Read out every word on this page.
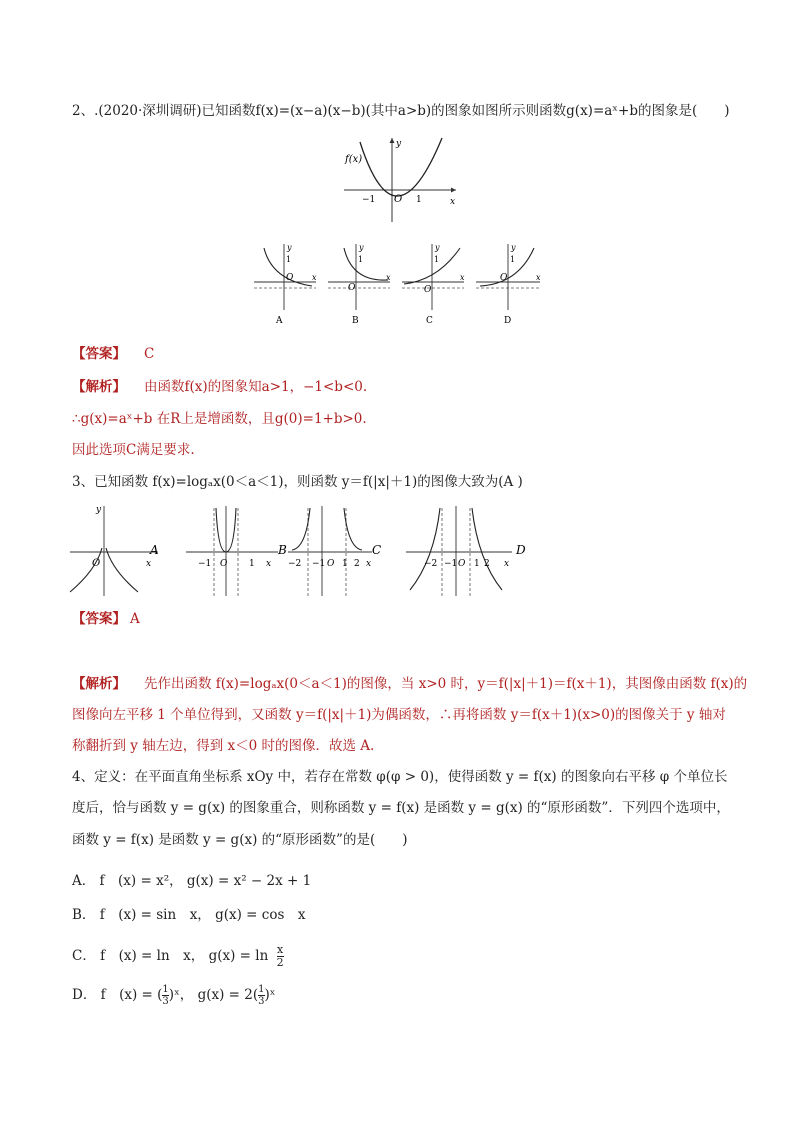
2、.(2020·深圳调研)已知函数f(x)=(x−a)(x−b)(其中a>b)的图象如图所示则函数g(x)=aˣ+b的图象是(　　)
f(x)
y
x
O
−1	1
O
1
y
x
A
O
1
y
x
B
O
1
y
x
C
O
1
y
x
D
【答案】 C
【解析】 由函数f(x)的图象知a>1，−1<b<0.
∴g(x)=aˣ+b 在R上是增函数，且g(0)=1+b>0.
因此选项C满足要求.
3、已知函数 f(x)=logₐx(0＜a＜1)，则函数 y＝f(|x|＋1)的图像大致为(A )
O
y
x
A
−1 O 1 x
B
−2 −1 O 1 2 x
C
−2 −1 O 1 2 x
D
【答案】 A
【解析】 先作出函数 f(x)=logₐx(0＜a＜1)的图像，当 x>0 时，y＝f(|x|＋1)＝f(x＋1)，其图像由函数 f(x)的
图像向左平移 1 个单位得到，又函数 y＝f(|x|＋1)为偶函数，∴再将函数 y＝f(x＋1)(x>0)的图像关于 y 轴对
称翻折到 y 轴左边，得到 x＜0 时的图像．故选 A.
4、定义：在平面直角坐标系 xOy 中，若存在常数 φ(φ > 0)，使得函数 y = f(x) 的图象向右平移 φ 个单位长
度后，恰与函数 y = g(x) 的图象重合，则称函数 y = f(x) 是函数 y = g(x) 的“原形函数”．下列四个选项中，
函数 y = f(x) 是函数 y = g(x) 的“原形函数”的是(　　)
A． f　(x) = x²， g(x) = x² − 2x + 1
B． f　(x) = sin　x， g(x) = cos　x
C． f　(x) = ln　x， $g(x) = \ln \frac{x}{2}$
D． f　(x) = ( $\frac{1}{3}$ )ˣ， $g(x) = 2( \frac{1}{3}$ )ˣ
